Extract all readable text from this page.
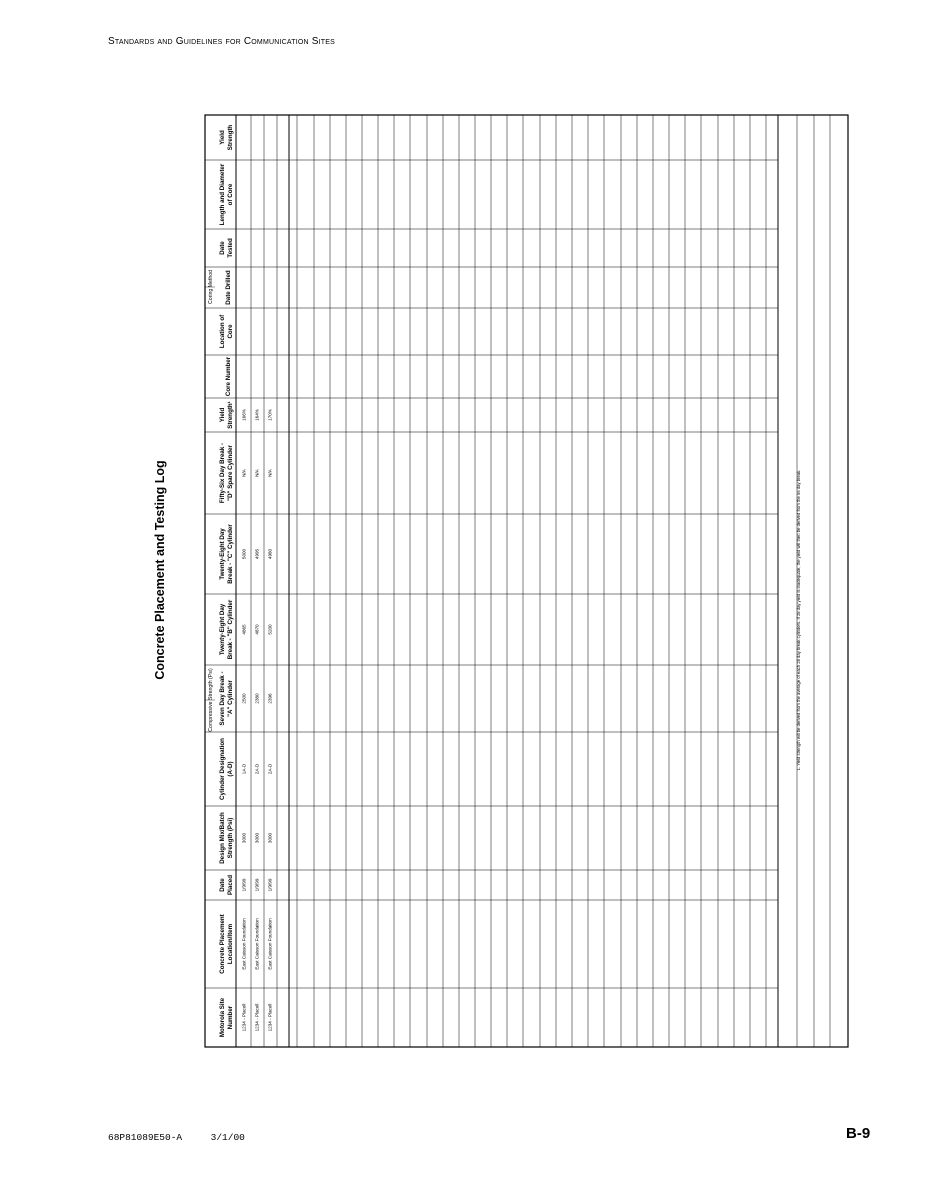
Standards and Guidelines for Communication Sites
Concrete Placement and Testing Log
Compressive Strength (Psi)
Coring Method
Motorola Site Number
Concrete Placement Location/Item
Date Placed
Design Mix/Batch Strength (Psi)
Cylinder Designation (A-D)
Seven Day Break - "A" Cylinder
Twenty-Eight Day Break - "B" Cylinder
Twenty-Eight Day Break - "C" Cylinder
Fifty-Six Day Break - "D" Spare Cylinder
Yield Strength¹
Core Number
Location of Core
Date Drilled
Date Tested
Length and Diameter of Core
Yield Strength
1234 - Placell
East Caisson Foundation
1/9/99
3000
1A-D
2500
4865
5000
N/A
166%
1234 - Placell
East Caisson Foundation
1/9/99
3000
2A-D
2380
4870
4995
N/A
164%
1234 - Placell
East Caisson Foundation
1/9/99
3000
2A-D
2396
5200
4980
N/A
170%
1. Yield strength will be derived from the average of each 28 day break cylinders. If 28 day yield is inadequate, the yield will then be derived from the 56 day break.
68P81089E50-A	3/1/00	B-9
